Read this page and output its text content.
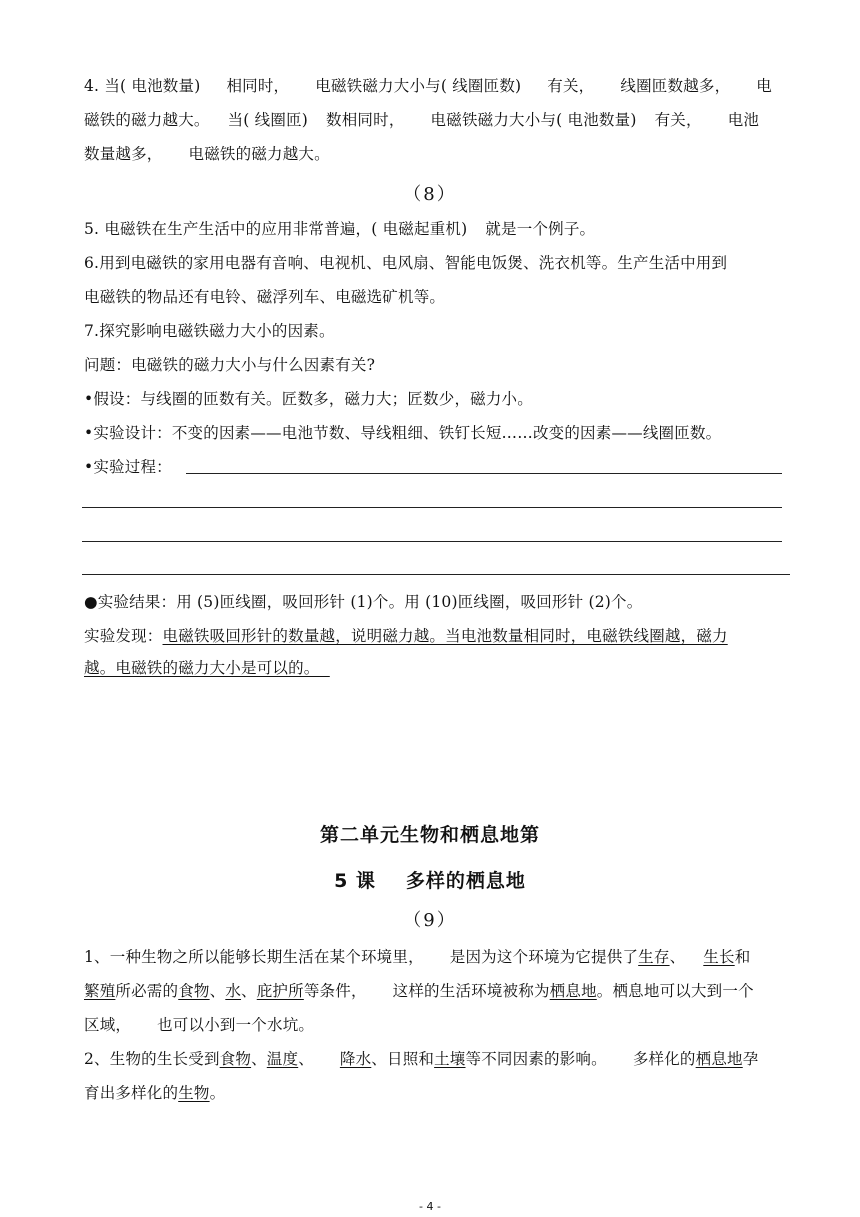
4. 当( 电池数量) 相同时， 电磁铁磁力大小与( 线圈匝数) 有关， 线圈匝数越多， 电
磁铁的磁力越大。 当( 线圈匝) 数相同时， 电磁铁磁力大小与( 电池数量) 有关， 电池
数量越多， 电磁铁的磁力越大。
（8）
5. 电磁铁在生产生活中的应用非常普遍，( 电磁起重机) 就是一个例子。
6.用到电磁铁的家用电器有音响、电视机、电风扇、智能电饭煲、洗衣机等。生产生活中用到
电磁铁的物品还有电铃、磁浮列车、电磁选矿机等。
7.探究影响电磁铁磁力大小的因素。
问题：电磁铁的磁力大小与什么因素有关?
•假设：与线圈的匝数有关。匠数多，磁力大；匠数少，磁力小。
•实验设计：不变的因素——电池节数、导线粗细、铁钉长短……改变的因素——线圈匝数。
•实验过程：
●实验结果：用 (5)匝线圈，吸回形针 (1)个。用 (10)匝线圈，吸回形针 (2)个。
实验发现：电磁铁吸回形针的数量越，说明磁力越。当电池数量相同时，电磁铁线圈越，磁力
越。电磁铁的磁力大小是可以的。
第二单元生物和栖息地第
5 课 多样的栖息地
（9）
1、一种生物之所以能够长期生活在某个环境里， 是因为这个环境为它提供了生存、 生长和
繁殖所必需的食物、水、庇护所等条件， 这样的生活环境被称为栖息地。栖息地可以大到一个
区域， 也可以小到一个水坑。
2、生物的生长受到食物、温度、 降水、日照和土壤等不同因素的影响。 多样化的栖息地孕
育出多样化的生物。
- 4 -
